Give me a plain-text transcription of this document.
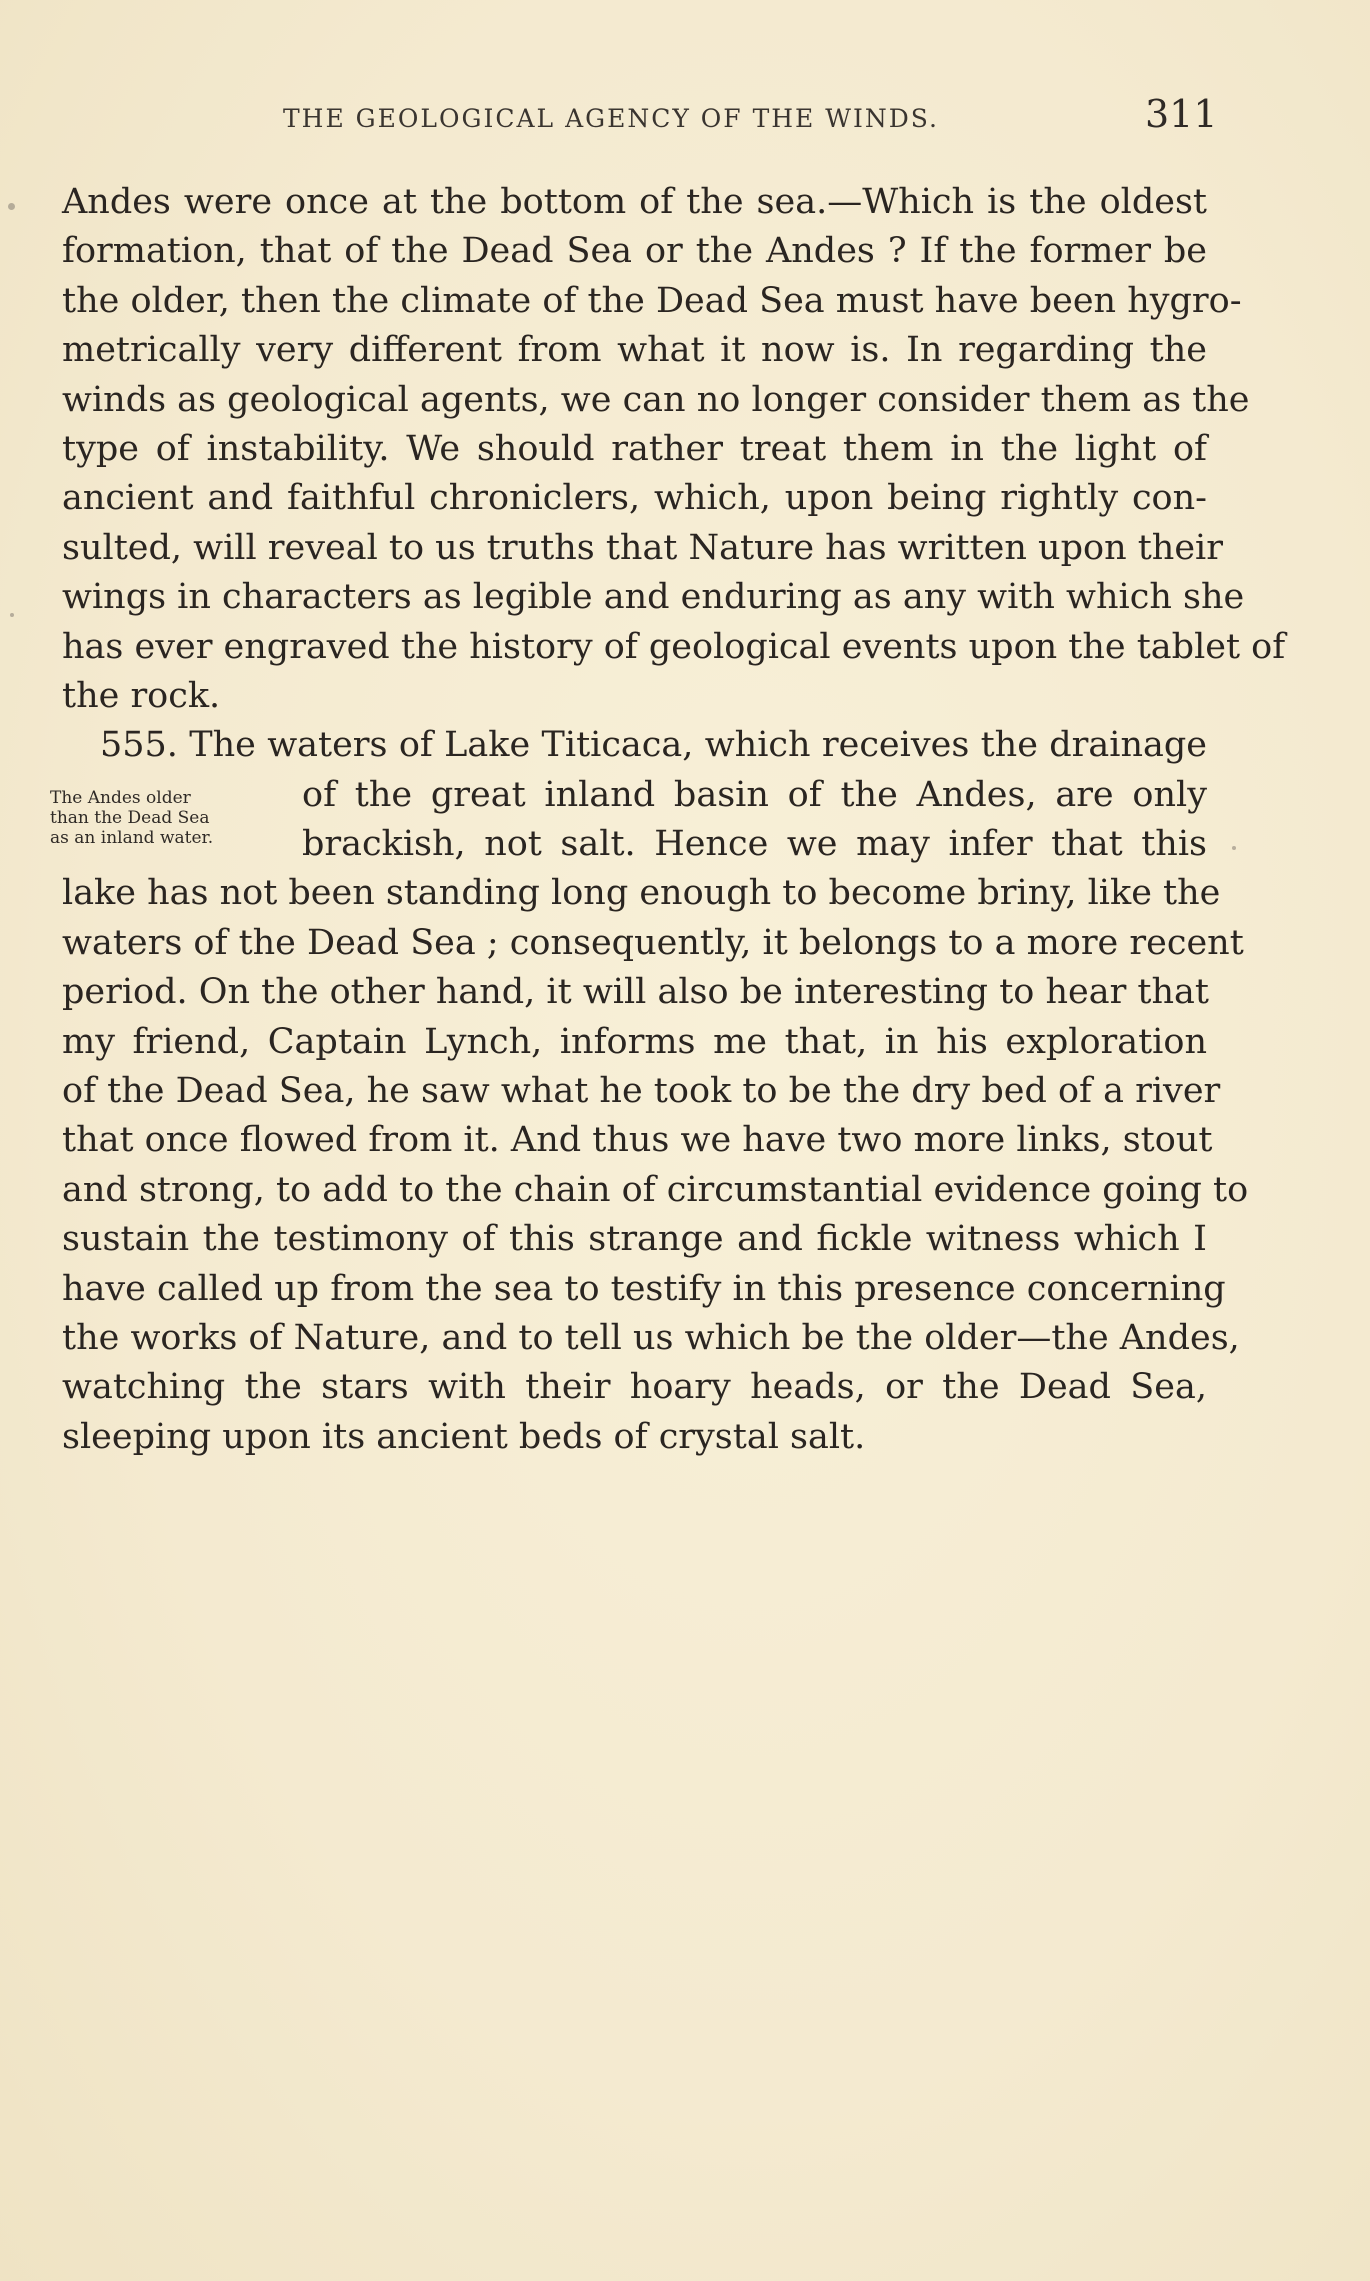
THE GEOLOGICAL AGENCY OF THE WINDS.	311
Andes were once at the bottom of the sea.—Which is the oldest
formation, that of the Dead Sea or the Andes ? If the former be
the older, then the climate of the Dead Sea must have been hygro-
metrically very different from what it now is. In regarding the
winds as geological agents, we can no longer consider them as the
type of instability. We should rather treat them in the light of
ancient and faithful chroniclers, which, upon being rightly con-
sulted, will reveal to us truths that Nature has written upon their
wings in characters as legible and enduring as any with which she
has ever engraved the history of geological events upon the tablet of
the rock.
555. The waters of Lake Titicaca, which receives the drainage
of the great inland basin of the Andes, are only
brackish, not salt. Hence we may infer that this
lake has not been standing long enough to become briny, like the
waters of the Dead Sea ; consequently, it belongs to a more recent
period. On the other hand, it will also be interesting to hear that
my friend, Captain Lynch, informs me that, in his exploration
of the Dead Sea, he saw what he took to be the dry bed of a river
that once flowed from it. And thus we have two more links, stout
and strong, to add to the chain of circumstantial evidence going to
sustain the testimony of this strange and fickle witness which I
have called up from the sea to testify in this presence concerning
the works of Nature, and to tell us which be the older—the Andes,
watching the stars with their hoary heads, or the Dead Sea,
sleeping upon its ancient beds of crystal salt.
The Andes older
than the Dead Sea
as an inland water.
